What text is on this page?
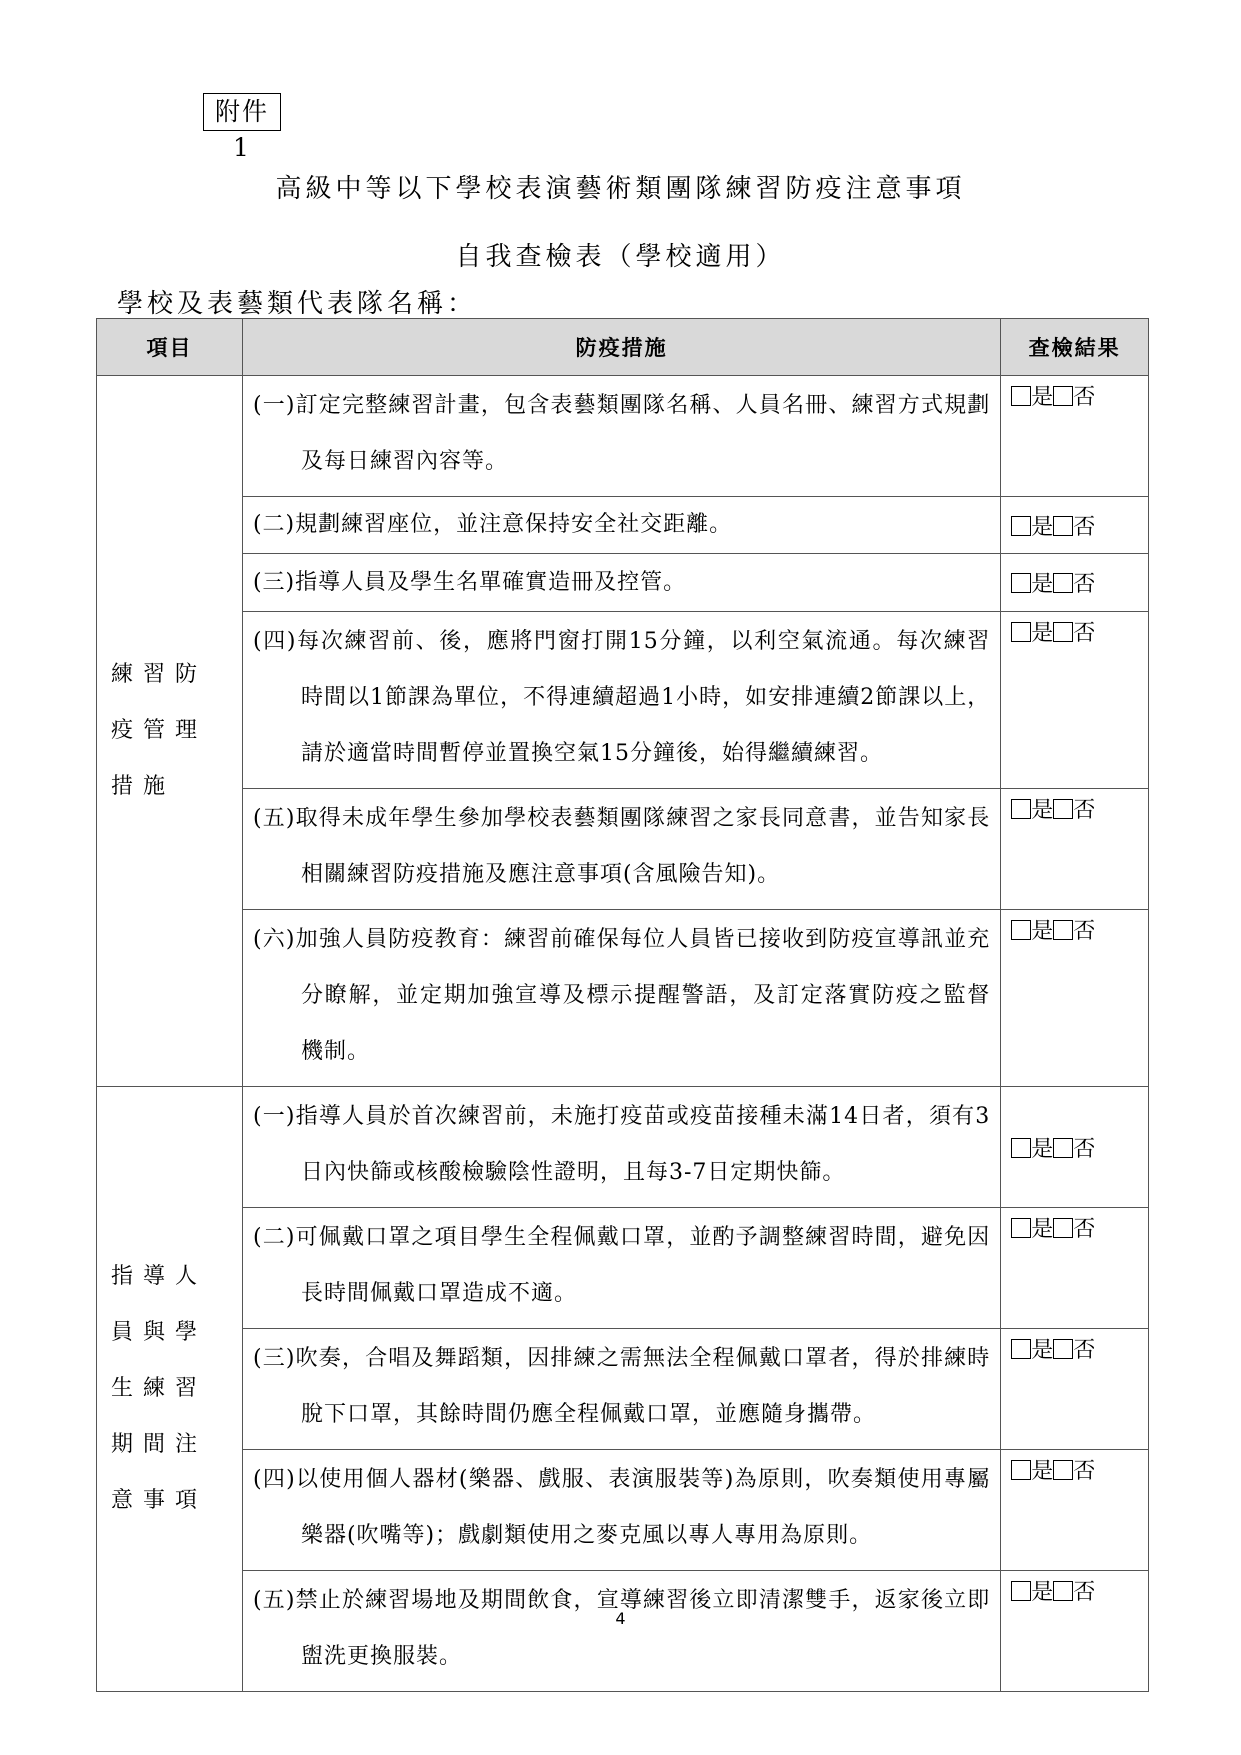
附件 1
高級中等以下學校表演藝術類團隊練習防疫注意事項
自我查檢表（學校適用）
學校及表藝類代表隊名稱：
項目	防疫措施	查檢結果

練習防疫管理措施	(一)訂定完整練習計畫，包含表藝類團隊名稱、人員名冊、練習方式規劃及每日練習內容等。	是 否
	(二)規劃練習座位，並注意保持安全社交距離。	是 否
	(三)指導人員及學生名單確實造冊及控管。	是 否
	(四)每次練習前、後，應將門窗打開15分鐘，以利空氣流通。每次練習時間以1節課為單位，不得連續超過1小時，如安排連續2節課以上，請於適當時間暫停並置換空氣15分鐘後，始得繼續練習。	是 否
	(五)取得未成年學生參加學校表藝類團隊練習之家長同意書，並告知家長相關練習防疫措施及應注意事項(含風險告知)。	是 否
	(六)加強人員防疫教育：練習前確保每位人員皆已接收到防疫宣導訊並充分瞭解，並定期加強宣導及標示提醒警語，及訂定落實防疫之監督機制。	是 否

指導人員與學生練習期間注意事項	(一)指導人員於首次練習前，未施打疫苗或疫苗接種未滿14日者，須有3日內快篩或核酸檢驗陰性證明，且每3-7日定期快篩。	是 否
	(二)可佩戴口罩之項目學生全程佩戴口罩，並酌予調整練習時間，避免因長時間佩戴口罩造成不適。	是 否
	(三)吹奏，合唱及舞蹈類，因排練之需無法全程佩戴口罩者，得於排練時脫下口罩，其餘時間仍應全程佩戴口罩，並應隨身攜帶。	是 否
	(四)以使用個人器材(樂器、戲服、表演服裝等)為原則，吹奏類使用專屬樂器(吹嘴等)；戲劇類使用之麥克風以專人專用為原則。	是 否
	(五)禁止於練習場地及期間飲食，宣導練習後立即清潔雙手，返家後立即盥洗更換服裝。	是 否
4
